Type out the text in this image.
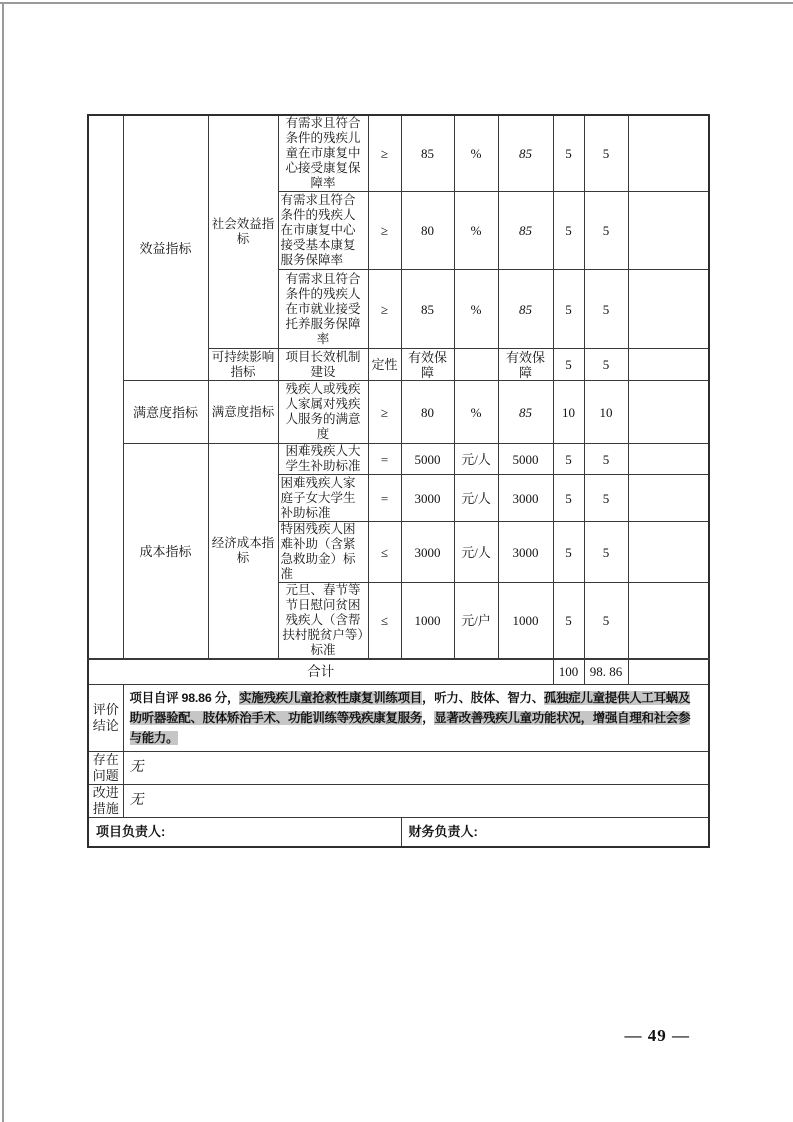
	效益指标	社会效益指标	有需求且符合条件的残疾儿童在市康复中心接受康复保障率	≥	85	%	85	5	5	
			有需求且符合条件的残疾人在市康复中心接受基本康复服务保障率	≥	80	%	85	5	5	
			有需求且符合条件的残疾人在市就业接受托养服务保障率	≥	85	%	85	5	5	
		可持续影响指标	项目长效机制建设	定性	有效保障		有效保障	5	5	
	满意度指标	满意度指标	残疾人或残疾人家属对残疾人服务的满意度	≥	80	%	85	10	10	
	成本指标	经济成本指标	困难残疾人大学生补助标准	=	5000	元/人	5000	5	5	
			困难残疾人家庭子女大学生补助标准	=	3000	元/人	3000	5	5	
			特困残疾人困难补助（含紧急救助金）标准	≤	3000	元/人	3000	5	5	
			元旦、春节等节日慰问贫困残疾人（含帮扶村脱贫户等）标准	≤	1000	元/户	1000	5	5	
合计								100	98. 86	
评价结论	项目自评 98.86 分，实施残疾儿童抢救性康复训练项目，听力、肢体、智力、孤独症儿童提供人工耳蜗及助听器验配、肢体矫治手术、功能训练等残疾康复服务，显著改善残疾儿童功能状况，增强自理和社会参与能力。									
存在问题	无									
改进措施	无									
项目负责人:					财务负责人:					
— 49 —
